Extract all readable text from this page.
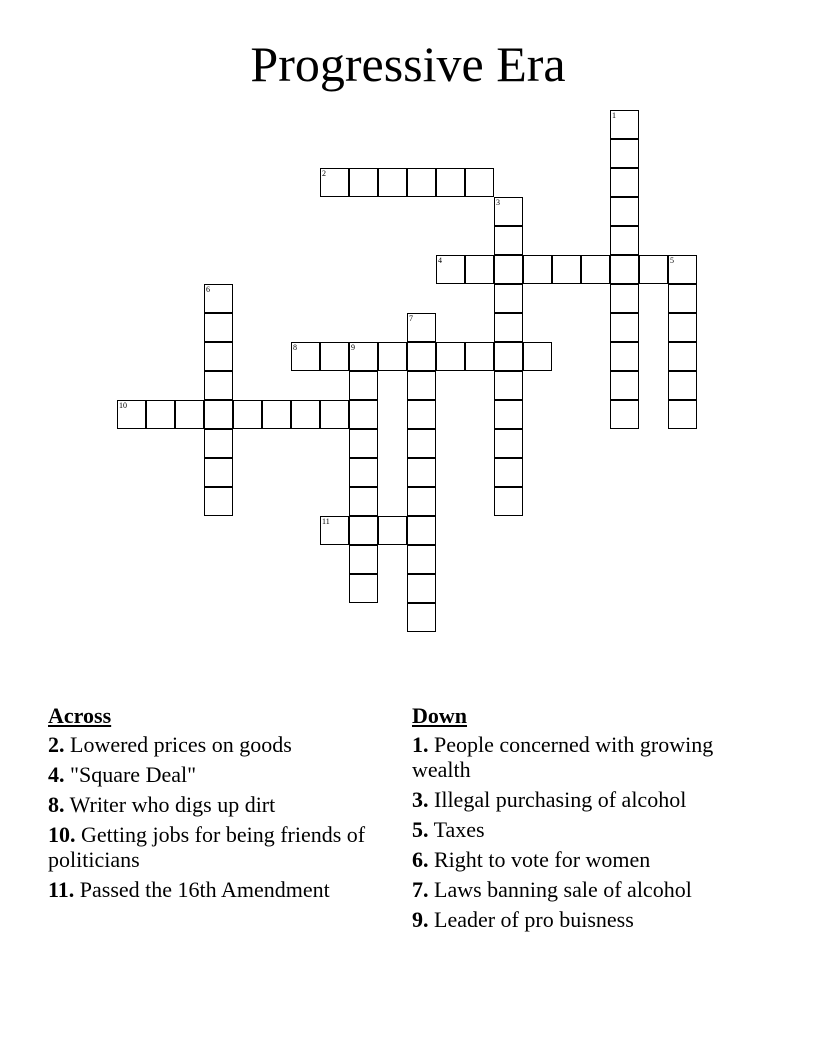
Progressive Era
1
2
3
4	5
6
7
8	9
10
11
Across
2. Lowered prices on goods
4. "Square Deal"
8. Writer who digs up dirt
10. Getting jobs for being friends of politicians
11. Passed the 16th Amendment
Down
1. People concerned with growing wealth
3. Illegal purchasing of alcohol
5. Taxes
6. Right to vote for women
7. Laws banning sale of alcohol
9. Leader of pro buisness
